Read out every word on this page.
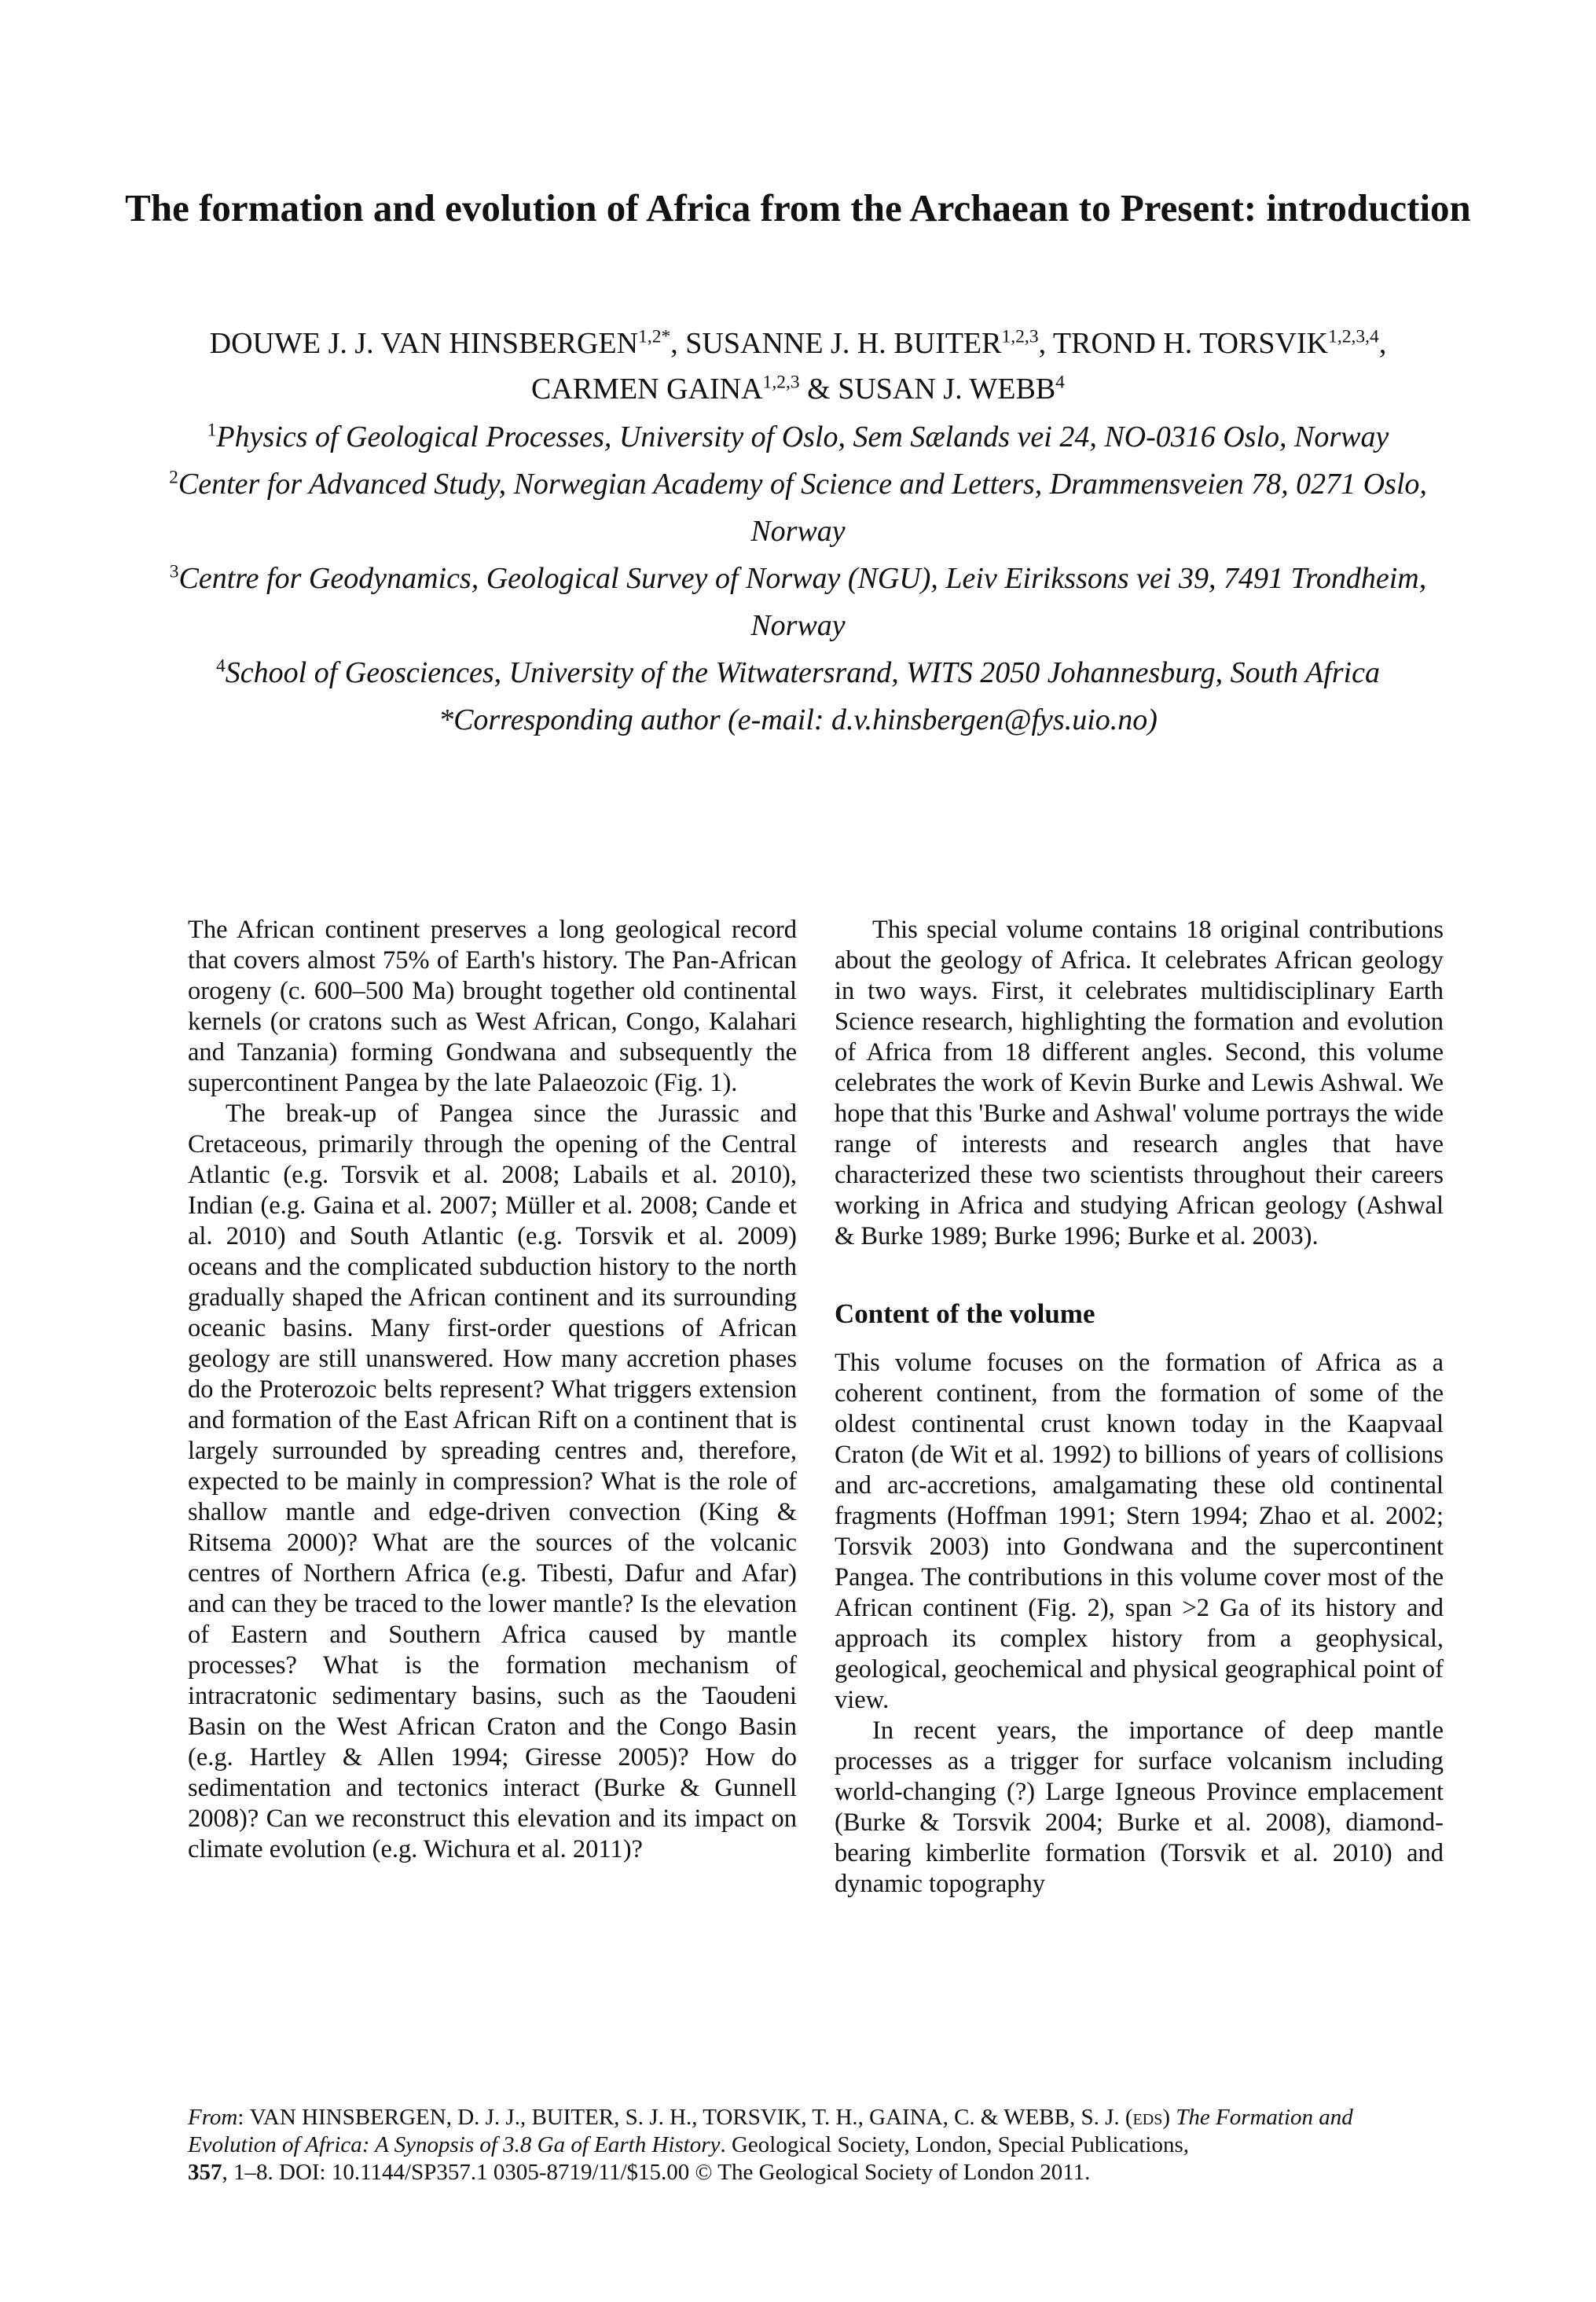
The formation and evolution of Africa from the Archaean to Present: introduction
DOUWE J. J. VAN $HINSBERGEN^{1,2*}$, SUSANNE J. H. BUITER$^{1,2,3}$, TROND H. TORSVIK$^{1,2,3,4}$, CARMEN GAINA$^{1,2,3}$ & SUSAN J. WEBB$^4$
$^1$Physics of Geological Processes, University of Oslo, Sem Sælands vei 24, NO-0316 Oslo, Norway
$^2$Center for Advanced Study, Norwegian Academy of Science and Letters, Drammensveien 78, 0271 Oslo, Norway
$^3$Centre for Geodynamics, Geological Survey of Norway (NGU), Leiv Eirikssons vei 39, 7491 Trondheim, Norway
$^4$School of Geosciences, University of the Witwatersrand, WITS 2050 Johannesburg, South Africa
*Corresponding author (e-mail: d.v.hinsbergen@fys.uio.no)

The African continent preserves a long geological record that covers almost 75% of Earth's history. The Pan-African orogeny (c. 600–500 Ma) brought together old continental kernels (or cratons such as West African, Congo, Kalahari and Tanzania) forming Gondwana and subsequently the supercontinent Pangea by the late Palaeozoic (Fig. 1).

The break-up of Pangea since the Jurassic and Cretaceous, primarily through the opening of the Central Atlantic (e.g. Torsvik et al. 2008; Labails et al. 2010), Indian (e.g. Gaina et al. 2007; Müller et al. 2008; Cande et al. 2010) and South Atlantic (e.g. Torsvik et al. 2009) oceans and the complicated subduction history to the north gradually shaped the African continent and its surrounding oceanic basins. Many first-order questions of African geology are still unanswered. How many accretion phases do the Proterozoic belts represent? What triggers extension and formation of the East African Rift on a continent that is largely surrounded by spreading centres and, therefore, expected to be mainly in compression? What is the role of shallow mantle and edge-driven convection (King & Ritsema 2000)? What are the sources of the volcanic centres of Northern Africa (e.g. Tibesti, Dafur and Afar) and can they be traced to the lower mantle? Is the elevation of Eastern and Southern Africa caused by mantle processes? What is the formation mechanism of intracratonic sedimentary basins, such as the Taoudeni Basin on the West African Craton and the Congo Basin (e.g. Hartley & Allen 1994; Giresse 2005)? How do sedimentation and tectonics interact (Burke & Gunnell 2008)? Can we reconstruct this elevation and its impact on climate evolution (e.g. Wichura et al. 2011)?

This special volume contains 18 original contributions about the geology of Africa. It celebrates African geology in two ways. First, it celebrates multidisciplinary Earth Science research, highlighting the formation and evolution of Africa from 18 different angles. Second, this volume celebrates the work of Kevin Burke and Lewis Ashwal. We hope that this 'Burke and Ashwal' volume portrays the wide range of interests and research angles that have characterized these two scientists throughout their careers working in Africa and studying African geology (Ashwal & Burke 1989; Burke 1996; Burke et al. 2003).

Content of the volume

This volume focuses on the formation of Africa as a coherent continent, from the formation of some of the oldest continental crust known today in the Kaapvaal Craton (de Wit et al. 1992) to billions of years of collisions and arc-accretions, amalgamating these old continental fragments (Hoffman 1991; Stern 1994; Zhao et al. 2002; Torsvik 2003) into Gondwana and the supercontinent Pangea. The contributions in this volume cover most of the African continent (Fig. 2), span >2 Ga of its history and approach its complex history from a geophysical, geological, geochemical and physical geographical point of view.

In recent years, the importance of deep mantle processes as a trigger for surface volcanism including world-changing (?) Large Igneous Province emplacement (Burke & Torsvik 2004; Burke et al. 2008), diamond-bearing kimberlite formation (Torsvik et al. 2010) and dynamic topography

From: VAN HINSBERGEN, D. J. J., BUITER, S. J. H., TORSVIK, T. H., GAINA, C. & WEBB, S. J. (eds) The Formation and Evolution of Africa: A Synopsis of 3.8 Ga of Earth History. Geological Society, London, Special Publications,
357, 1–8. DOI: 10.1144/SP357.1 0305-8719/11/$15.00 © The Geological Society of London 2011.
